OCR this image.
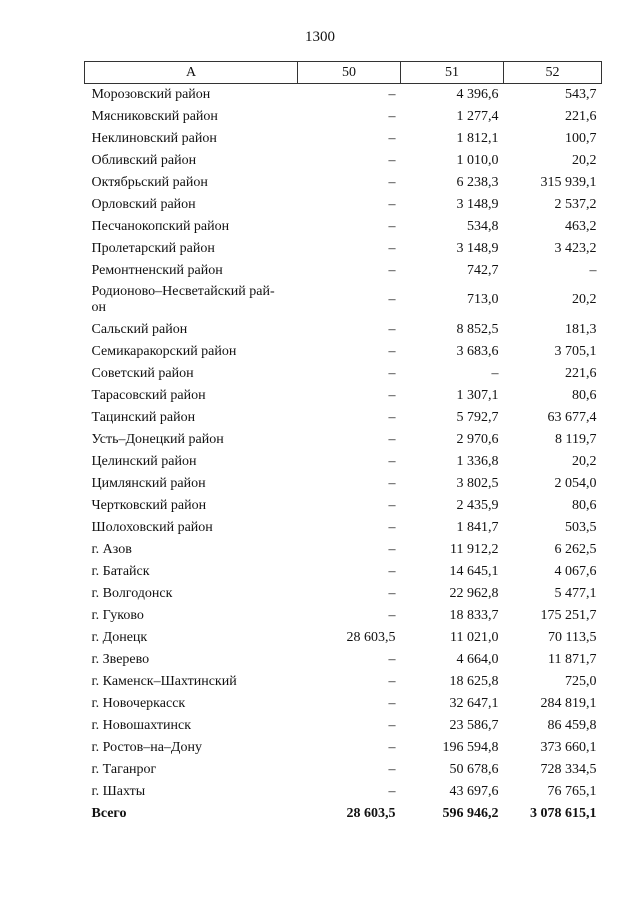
1300
А	50	51	52
Морозовский район	–	4 396,6	543,7
Мясниковский район	–	1 277,4	221,6
Неклиновский район	–	1 812,1	100,7
Обливский район	–	1 010,0	20,2
Октябрьский район	–	6 238,3	315 939,1
Орловский район	–	3 148,9	2 537,2
Песчанокопский район	–	534,8	463,2
Пролетарский район	–	3 148,9	3 423,2
Ремонтненский район	–	742,7	–
Родионово–Несветайский рай-
он	–	713,0	20,2
Сальский район	–	8 852,5	181,3
Семикаракорский район	–	3 683,6	3 705,1
Советский район	–	–	221,6
Тарасовский район	–	1 307,1	80,6
Тацинский район	–	5 792,7	63 677,4
Усть–Донецкий район	–	2 970,6	8 119,7
Целинский район	–	1 336,8	20,2
Цимлянский район	–	3 802,5	2 054,0
Чертковский район	–	2 435,9	80,6
Шолоховский район	–	1 841,7	503,5
г. Азов	–	11 912,2	6 262,5
г. Батайск	–	14 645,1	4 067,6
г. Волгодонск	–	22 962,8	5 477,1
г. Гуково	–	18 833,7	175 251,7
г. Донецк	28 603,5	11 021,0	70 113,5
г. Зверево	–	4 664,0	11 871,7
г. Каменск–Шахтинский	–	18 625,8	725,0
г. Новочеркасск	–	32 647,1	284 819,1
г. Новошахтинск	–	23 586,7	86 459,8
г. Ростов–на–Дону	–	196 594,8	373 660,1
г. Таганрог	–	50 678,6	728 334,5
г. Шахты	–	43 697,6	76 765,1
Всего	28 603,5	596 946,2	3 078 615,1
